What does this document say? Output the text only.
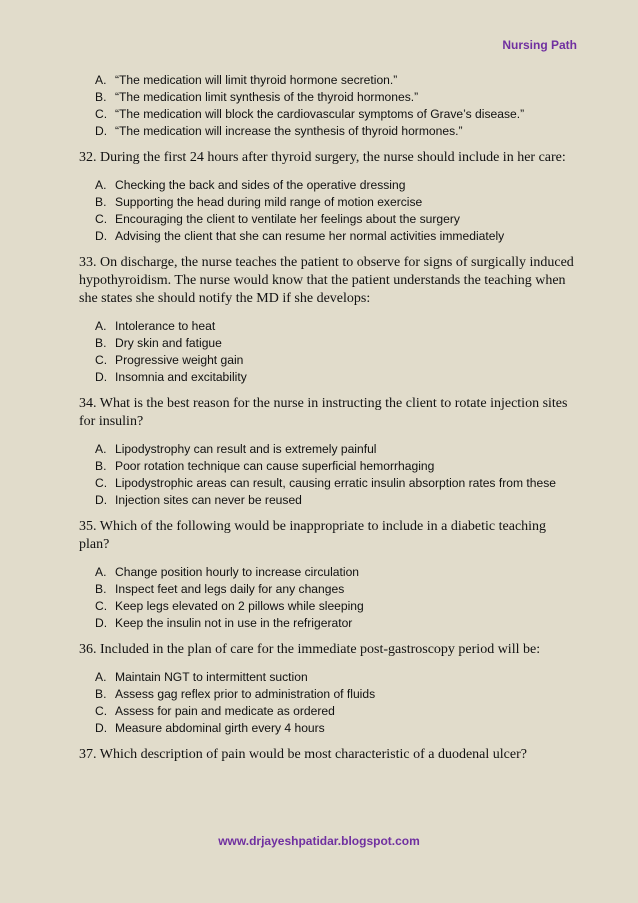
Nursing Path
A. “The medication will limit thyroid hormone secretion.”
B. “The medication limit synthesis of the thyroid hormones.”
C. “The medication will block the cardiovascular symptoms of Grave’s disease.”
D. “The medication will increase the synthesis of thyroid hormones.”
32. During the first 24 hours after thyroid surgery, the nurse should include in her care:
A. Checking the back and sides of the operative dressing
B. Supporting the head during mild range of motion exercise
C. Encouraging the client to ventilate her feelings about the surgery
D. Advising the client that she can resume her normal activities immediately
33. On discharge, the nurse teaches the patient to observe for signs of surgically induced hypothyroidism. The nurse would know that the patient understands the teaching when she states she should notify the MD if she develops:
A. Intolerance to heat
B. Dry skin and fatigue
C. Progressive weight gain
D. Insomnia and excitability
34. What is the best reason for the nurse in instructing the client to rotate injection sites for insulin?
A. Lipodystrophy can result and is extremely painful
B. Poor rotation technique can cause superficial hemorrhaging
C. Lipodystrophic areas can result, causing erratic insulin absorption rates from these
D. Injection sites can never be reused
35. Which of the following would be inappropriate to include in a diabetic teaching plan?
A. Change position hourly to increase circulation
B. Inspect feet and legs daily for any changes
C. Keep legs elevated on 2 pillows while sleeping
D. Keep the insulin not in use in the refrigerator
36. Included in the plan of care for the immediate post-gastroscopy period will be:
A. Maintain NGT to intermittent suction
B. Assess gag reflex prior to administration of fluids
C. Assess for pain and medicate as ordered
D. Measure abdominal girth every 4 hours
37. Which description of pain would be most characteristic of a duodenal ulcer?
www.drjayeshpatidar.blogspot.com
